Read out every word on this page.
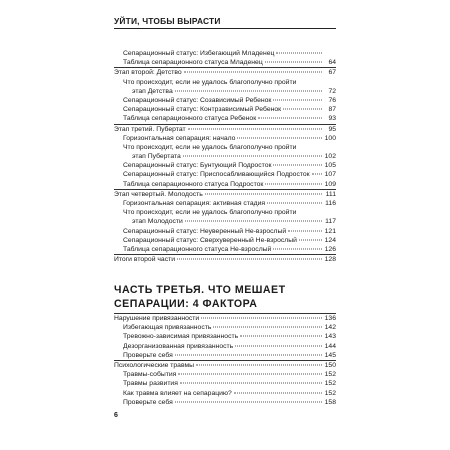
УЙТИ, ЧТОБЫ ВЫРАСТИ
Сепарационный статус: Избегающий Младенец
Таблица сепарационного статуса Младенец	64
Этап второй: Детство	67
Что происходит, если не удалось благополучно пройти
этап Детства	72
Сепарационный статус: Созависимый Ребенок	76
Сепарационный статус: Контрзависимый Ребенок	87
Таблица сепарационного статуса Ребенок	93
Этап третий. Пубертат	95
Горизонтальная сепарация: начало	100
Что происходит, если не удалось благополучно пройти
этап Пубертата	102
Сепарационный статус: Бунтующий Подросток	105
Сепарационный статус: Приспосабливающийся Подросток 107
Таблица сепарационного статуса Подросток	109
Этап четвертый. Молодость	111
Горизонтальная сепарация: активная стадия	116
Что происходит, если не удалось благополучно пройти
этап Молодости	117
Сепарационный статус: Неуверенный Не-взрослый	121
Сепарационный статус: Сверхуверенный Не-взрослый	124
Таблица сепарационного статуса Не-взрослый	126
Итоги второй части	128
ЧАСТЬ ТРЕТЬЯ. ЧТО МЕШАЕТ СЕПАРАЦИИ: 4 ФАКТОРА
Нарушение привязанности	136
Избегающая привязанность	142
Тревожно-зависимая привязанность	143
Дезорганизованная привязанность	144
Проверьте себя	145
Психологические травмы	150
Травмы-события	152
Травмы развития	152
Как травма влияет на сепарацию?	152
Проверьте себя	158
6
